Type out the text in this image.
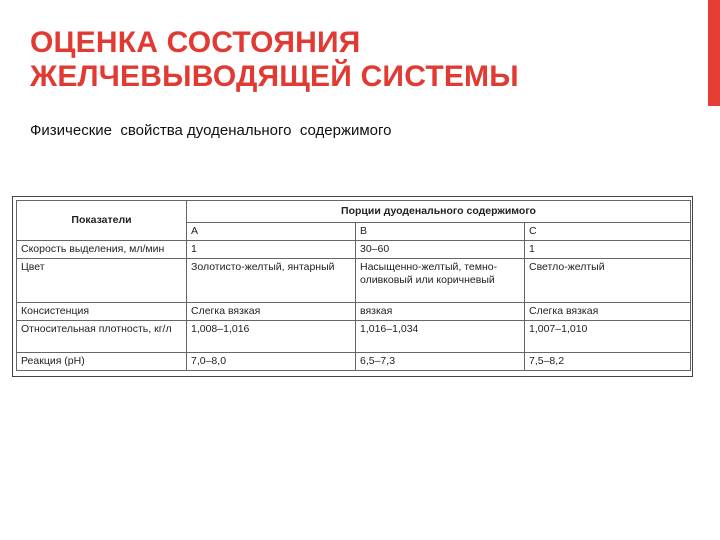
ОЦЕНКА СОСТОЯНИЯ
ЖЕЛЧЕВЫВОДЯЩЕЙ СИСТЕМЫ

Физические  свойства дуоденального  содержимого

Показатели	Порции дуоденального содержимого		
	A	B	C
Скорость выделения, мл/мин	1	30–60	1
Цвет	Золотисто-желтый, янтарный	Насыщенно-желтый, темно-оливковый или коричневый	Светло-желтый
Консистенция	Слегка вязкая	вязкая	Слегка вязкая
Относительная плотность, кг/л	1,008–1,016	1,016–1,034	1,007–1,010
Реакция (рН)	7,0–8,0	6,5–7,3	7,5–8,2
